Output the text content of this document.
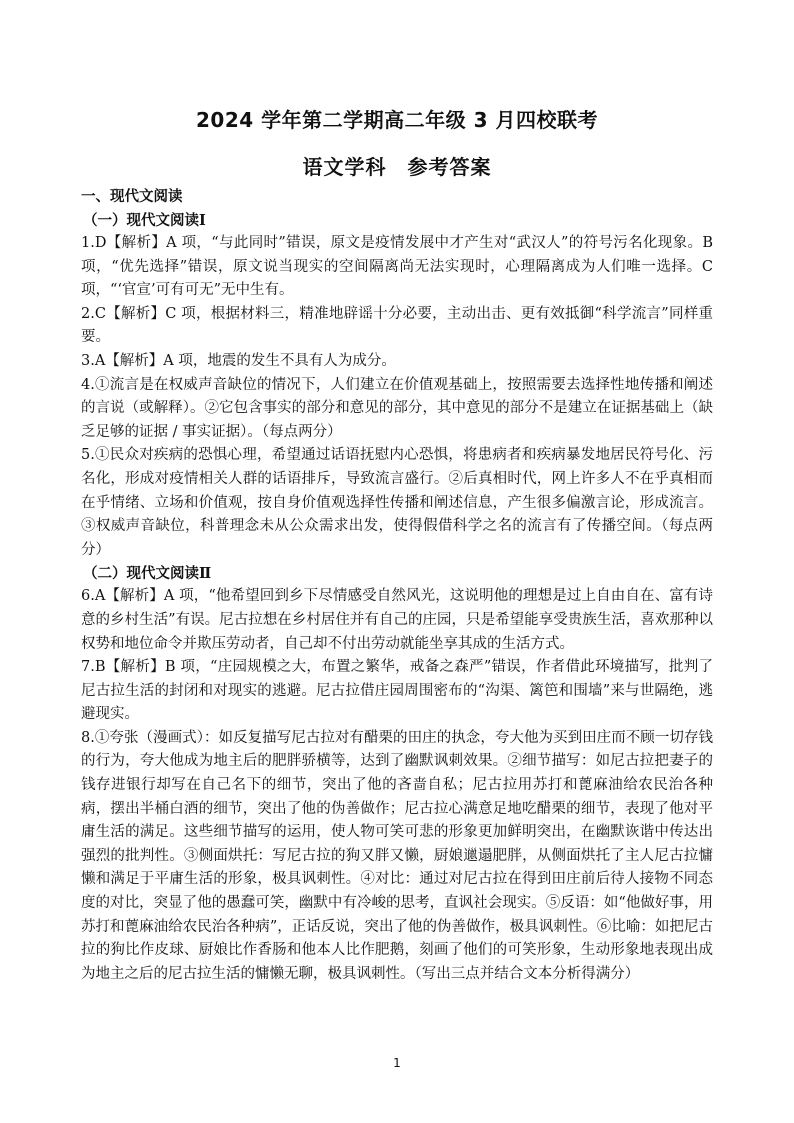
2024 学年第二学期高二年级 3 月四校联考
语文学科　参考答案
一、现代文阅读
（一）现代文阅读Ⅰ

1.D【解析】A 项，“与此同时”错误，原文是疫情发展中才产生对“武汉人”的符号污名化现象。B 项，“优先选择”错误，原文说当现实的空间隔离尚无法实现时，心理隔离成为人们唯一选择。C 项，“‘官宣’可有可无”无中生有。

2.C【解析】C 项，根据材料三，精准地辟谣十分必要，主动出击、更有效抵御“科学流言”同样重要。

3.A【解析】A 项，地震的发生不具有人为成分。

4.①流言是在权威声音缺位的情况下，人们建立在价值观基础上，按照需要去选择性地传播和阐述的言说（或解释）。②它包含事实的部分和意见的部分，其中意见的部分不是建立在证据基础上（缺乏足够的证据 / 事实证据）。（每点两分）

5.①民众对疾病的恐惧心理，希望通过话语抚慰内心恐惧，将患病者和疾病暴发地居民符号化、污名化，形成对疫情相关人群的话语排斥，导致流言盛行。②后真相时代，网上许多人不在乎真相而在乎情绪、立场和价值观，按自身价值观选择性传播和阐述信息，产生很多偏激言论，形成流言。③权威声音缺位，科普理念未从公众需求出发，使得假借科学之名的流言有了传播空间。（每点两分）

（二）现代文阅读Ⅱ

6.A【解析】A 项，“他希望回到乡下尽情感受自然风光，这说明他的理想是过上自由自在、富有诗意的乡村生活”有误。尼古拉想在乡村居住并有自己的庄园，只是希望能享受贵族生活，喜欢那种以权势和地位命令并欺压劳动者，自己却不付出劳动就能坐享其成的生活方式。

7.B【解析】B 项，“庄园规模之大，布置之繁华，戒备之森严”错误，作者借此环境描写，批判了尼古拉生活的封闭和对现实的逃避。尼古拉借庄园周围密布的“沟渠、篱笆和围墙”来与世隔绝，逃避现实。

8.①夸张（漫画式）：如反复描写尼古拉对有醋栗的田庄的执念，夸大他为买到田庄而不顾一切存钱的行为，夸大他成为地主后的肥胖骄横等，达到了幽默讽刺效果。②细节描写：如尼古拉把妻子的钱存进银行却写在自己名下的细节，突出了他的吝啬自私；尼古拉用苏打和蓖麻油给农民治各种病，摆出半桶白酒的细节，突出了他的伪善做作；尼古拉心满意足地吃醋栗的细节，表现了他对平庸生活的满足。这些细节描写的运用，使人物可笑可悲的形象更加鲜明突出，在幽默诙谐中传达出强烈的批判性。③侧面烘托：写尼古拉的狗又胖又懒，厨娘邋遢肥胖，从侧面烘托了主人尼古拉慵懒和满足于平庸生活的形象，极具讽刺性。④对比：通过对尼古拉在得到田庄前后待人接物不同态度的对比，突显了他的愚蠢可笑，幽默中有冷峻的思考，直讽社会现实。⑤反语：如“他做好事，用苏打和蓖麻油给农民治各种病”，正话反说，突出了他的伪善做作，极具讽刺性。⑥比喻：如把尼古拉的狗比作皮球、厨娘比作香肠和他本人比作肥鹅，刻画了他们的可笑形象，生动形象地表现出成为地主之后的尼古拉生活的慵懒无聊，极具讽刺性。（写出三点并结合文本分析得满分）

1
